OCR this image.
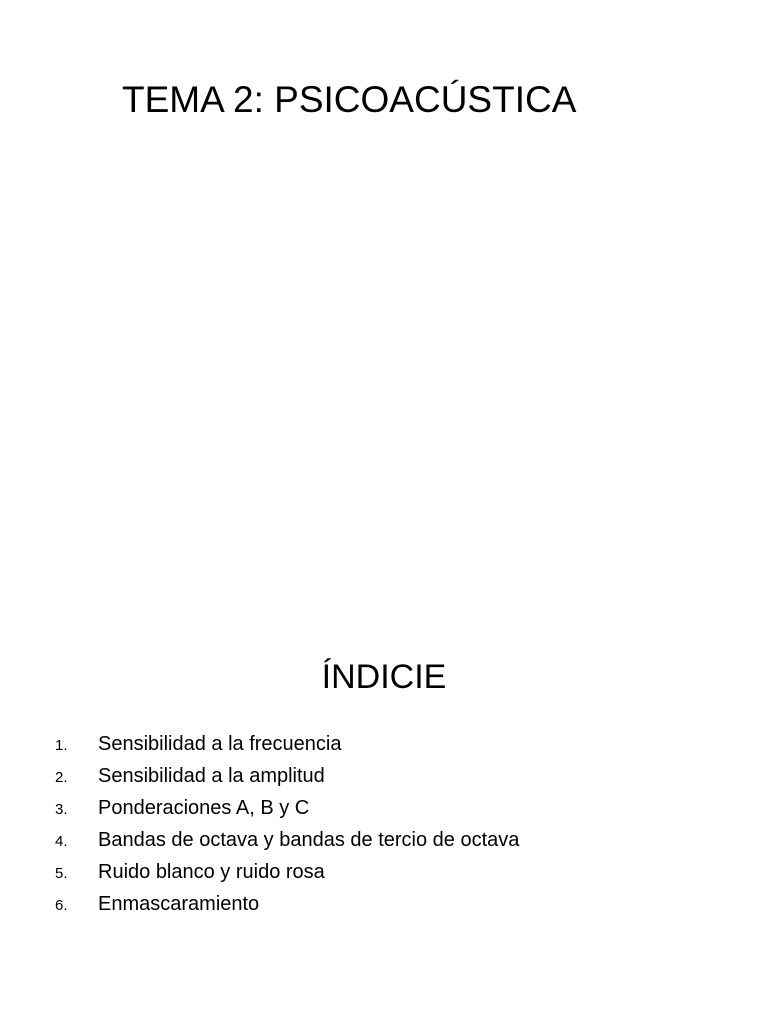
TEMA 2: PSICOACÚSTICA
ÍNDICIE
1.	Sensibilidad a la frecuencia
2.	Sensibilidad a la amplitud
3.	Ponderaciones A, B y C
4.	Bandas de octava y bandas de tercio de octava
5.	Ruido blanco y ruido rosa
6.	Enmascaramiento
